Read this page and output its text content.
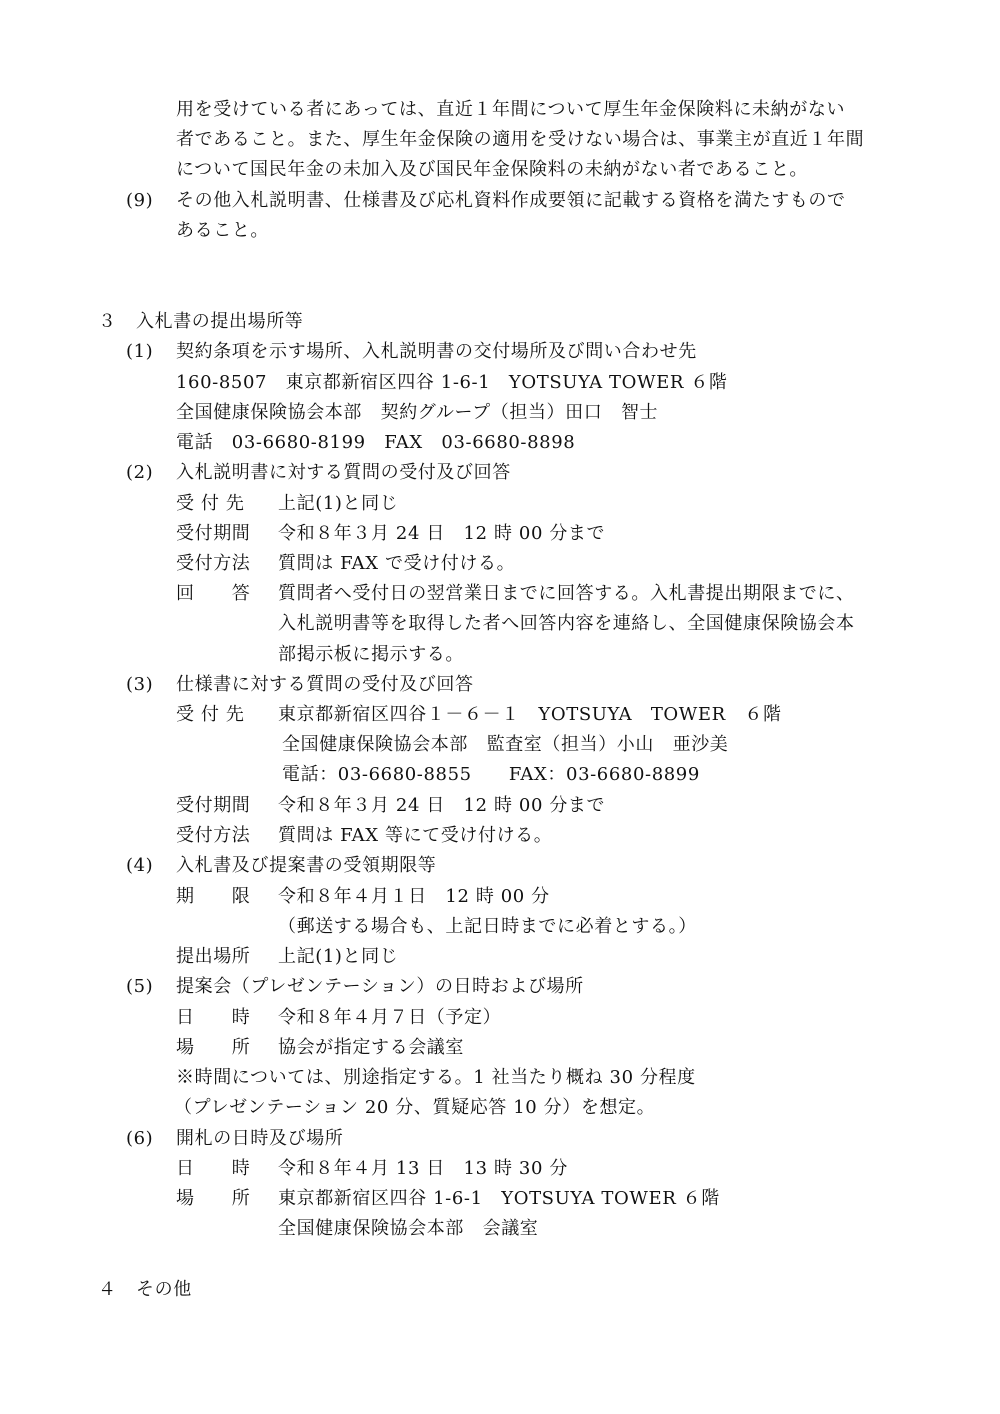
用を受けている者にあっては、直近１年間について厚生年金保険料に未納がない
者であること。また、厚生年金保険の適用を受けない場合は、事業主が直近１年間
について国民年金の未加入及び国民年金保険料の未納がない者であること。
(9) その他入札説明書、仕様書及び応札資料作成要領に記載する資格を満たすもので
あること。
３ 入札書の提出場所等
(1) 契約条項を示す場所、入札説明書の交付場所及び問い合わせ先
160-8507　東京都新宿区四谷 1-6-1　YOTSUYA TOWER ６階
全国健康保険協会本部　契約グループ（担当）田口　智士
電話　03-6680-8199　FAX　03-6680-8898
(2) 入札説明書に対する質問の受付及び回答
受 付 先 上記(1)と同じ
受付期間 令和８年３月 24 日　12 時 00 分まで
受付方法 質問は FAX で受け付ける。
回　　答 質問者へ受付日の翌営業日までに回答する。入札書提出期限までに、
入札説明書等を取得した者へ回答内容を連絡し、全国健康保険協会本
部掲示板に掲示する。
(3) 仕様書に対する質問の受付及び回答
受 付 先 東京都新宿区四谷１－６－１　YOTSUYA　TOWER　６階
全国健康保険協会本部　監査室（担当）小山　亜沙美
電話：03-6680-8855　　FAX：03-6680-8899
受付期間 令和８年３月 24 日　12 時 00 分まで
受付方法 質問は FAX 等にて受け付ける。
(4) 入札書及び提案書の受領期限等
期　　限 令和８年４月１日　12 時 00 分
（郵送する場合も、上記日時までに必着とする。）
提出場所 上記(1)と同じ
(5) 提案会（プレゼンテーション）の日時および場所
日　　時 令和８年４月７日（予定）
場　　所 協会が指定する会議室
※時間については、別途指定する。1 社当たり概ね 30 分程度
（プレゼンテーション 20 分、質疑応答 10 分）を想定。
(6) 開札の日時及び場所
日　　時 令和８年４月 13 日　13 時 30 分
場　　所 東京都新宿区四谷 1-6-1　YOTSUYA TOWER ６階
全国健康保険協会本部　会議室
４ その他
